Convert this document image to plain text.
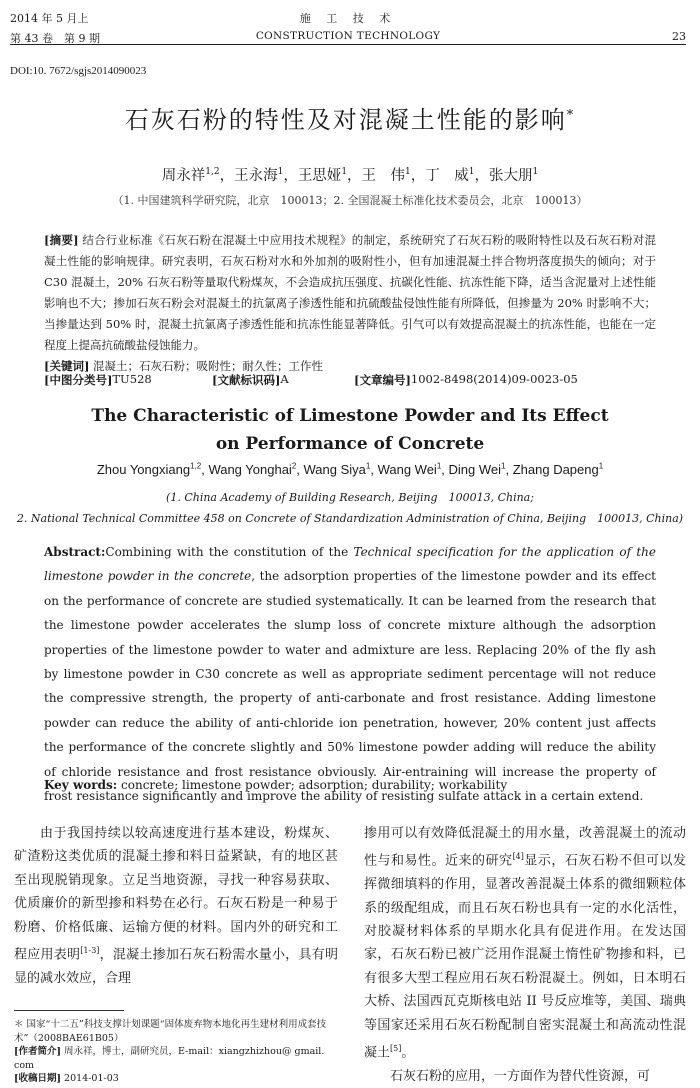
2014 年 5 月上
第 43 卷　第 9 期
施 工 技 术
CONSTRUCTION TECHNOLOGY	23
DOI:10. 7672/sgjs2014090023
石灰石粉的特性及对混凝土性能的影响*
周永祥$^{1,2}$，王永海$^1$，王思娅$^1$，王　伟$^1$，丁　威$^1$，张大朋$^1$
（1. 中国建筑科学研究院，北京　100013；2. 全国混凝土标准化技术委员会，北京　100013）
[摘要] 结合行业标准《石灰石粉在混凝土中应用技术规程》的制定，系统研究了石灰石粉的吸附特性以及石灰石粉对混凝土性能的影响规律。研究表明，石灰石粉对水和外加剂的吸附性小，但有加速混凝土拌合物坍落度损失的倾向；对于 C30 混凝土，20% 石灰石粉等量取代粉煤灰，不会造成抗压强度、抗碳化性能、抗冻性能下降，适当含泥量对上述性能影响也不大；掺加石灰石粉会对混凝土的抗氯离子渗透性能和抗硫酸盐侵蚀性能有所降低，但掺量为 20% 时影响不大；当掺量达到 50% 时，混凝土抗氯离子渗透性能和抗冻性能显著降低。引气可以有效提高混凝土的抗冻性能，也能在一定程度上提高抗硫酸盐侵蚀能力。
[关键词] 混凝土；石灰石粉；吸附性；耐久性；工作性
[中图分类号] TU528	[文献标识码] A	[文章编号] 1002-8498(2014)09-0023-05
The Characteristic of Limestone Powder and Its Effect
on Performance of Concrete
Zhou Yongxiang$^{1,2}$, Wang Yonghai$^2$, Wang Siya$^1$, Wang Wei$^1$, Ding Wei$^1$, Zhang Dapeng$^1$
(1. China Academy of Building Research, Beijing　100013, China;
2. National Technical Committee 458 on Concrete of Standardization Administration of China, Beijing　100013, China)
Abstract:Combining with the constitution of the Technical specification for the application of the limestone powder in the concrete, the adsorption properties of the limestone powder and its effect on the performance of concrete are studied systematically. It can be learned from the research that the limestone powder accelerates the slump loss of concrete mixture although the adsorption properties of the limestone powder to water and admixture are less. Replacing 20% of the fly ash by limestone powder in C30 concrete as well as appropriate sediment percentage will not reduce the compressive strength, the property of anti-carbonate and frost resistance. Adding limestone powder can reduce the ability of anti-chloride ion penetration, however, 20% content just affects the performance of the concrete slightly and 50% limestone powder adding will reduce the ability of chloride resistance and frost resistance obviously. Air-entraining will increase the property of frost resistance significantly and improve the ability of resisting sulfate attack in a certain extend.
Key words: concrete; limestone powder; adsorption; durability; workability
由于我国持续以较高速度进行基本建设，粉煤灰、矿渣粉这类优质的混凝土掺和料日益紧缺，有的地区甚至出现脱销现象。立足当地资源，寻找一种容易获取、优质廉价的新型掺和料势在必行。石灰石粉是一种易于粉磨、价格低廉、运输方便的材料。国内外的研究和工程应用表明[1-3]，混凝土掺加石灰石粉需水量小，具有明显的减水效应，合理
掺用可以有效降低混凝土的用水量，改善混凝土的流动性与和易性。近来的研究[4]显示，石灰石粉不但可以发挥微细填料的作用，显著改善混凝土体系的微细颗粒体系的级配组成，而且石灰石粉也具有一定的水化活性，对胶凝材料体系的早期水化具有促进作用。在发达国家，石灰石粉已被广泛用作混凝土惰性矿物掺和料，已有很多大型工程应用石灰石粉混凝土。例如，日本明石大桥、法国西瓦克斯核电站 II 号反应堆等，美国、瑞典等国家还采用石灰石粉配制自密实混凝土和高流动性混凝土[5]。
石灰石粉的应用，一方面作为替代性资源，可
＊ 国家“十二五”科技支撑计划课题“固体废弃物本地化再生建材利用成套技术”（2008BAE61B05）
[作者简介] 周永祥，博士，副研究员，E-mail：xiangzhizhou@ gmail. com
[收稿日期] 2014-01-03
